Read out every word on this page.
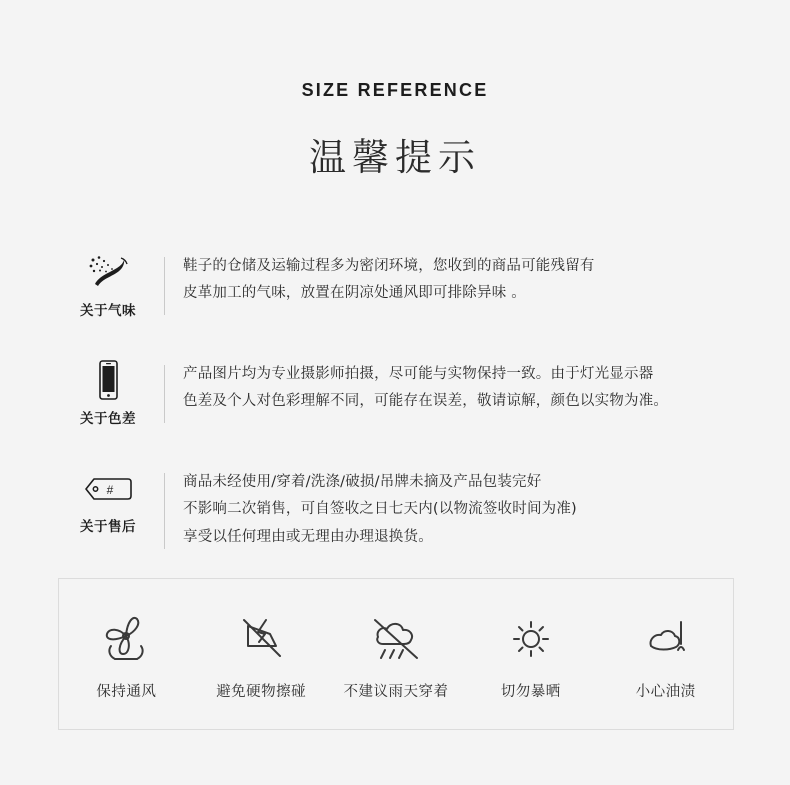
SIZE REFERENCE
温馨提示
关于气味

鞋子的仓储及运输过程多为密闭环境，您收到的商品可能残留有

皮革加工的气味，放置在阴凉处通风即可排除异味 。

关于色差

产品图片均为专业摄影师拍摄，尽可能与实物保持一致。由于灯光显示器

色差及个人对色彩理解不同，可能存在误差，敬请谅解，颜色以实物为准。

#
关于售后

商品未经使用/穿着/洗涤/破损/吊牌未摘及产品包装完好

不影响二次销售，可自签收之日七天内(以物流签收时间为准)

享受以任何理由或无理由办理退换货。

保持通风	避免硬物擦碰	不建议雨天穿着	切勿暴晒	小心油渍
